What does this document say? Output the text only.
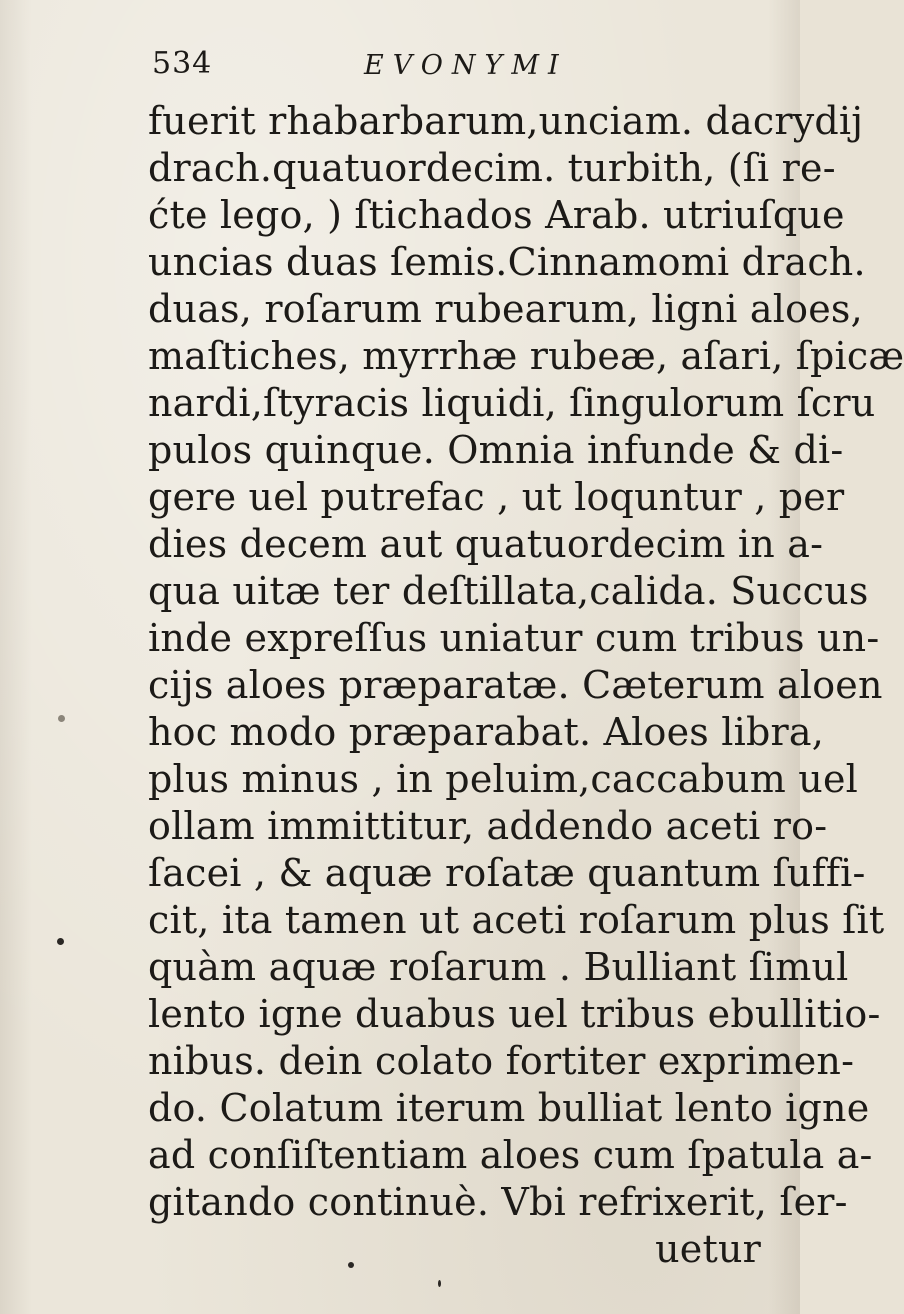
534	EVONYMI
fuerit rhabarbarum,unciam. dacrydij
drach.quatuordecim. turbith, (ſi re-
ćte lego, ) ſtichados Arab. utriuſque
uncias duas ſemis.Cinnamomi drach.
duas, roſarum rubearum, ligni aloes,
maſtiches, myrrhæ rubeæ, aſari, ſpicæ
nardi,ſtyracis liquidi, ſingulorum ſcru
pulos quinque. Omnia infunde & di-
gere uel putrefac , ut loquntur , per
dies decem aut quatuordecim in a-
qua uitæ ter deſtillata,calida. Succus
inde expreſſus uniatur cum tribus un-
cijs aloes præparatæ. Cæterum aloen
hoc modo præparabat. Aloes libra,
plus minus , in peluim,caccabum uel
ollam immittitur, addendo aceti ro-
ſacei , & aquæ roſatæ quantum ſuffi-
cit, ita tamen ut aceti roſarum plus ſit
quàm aquæ roſarum . Bulliant ſimul
lento igne duabus uel tribus ebullitio-
nibus. dein colato fortiter exprimen-
do. Colatum iterum bulliat lento igne
ad conſiſtentiam aloes cum ſpatula a-
gitando continuè. Vbi refrixerit, ſer-
uetur
